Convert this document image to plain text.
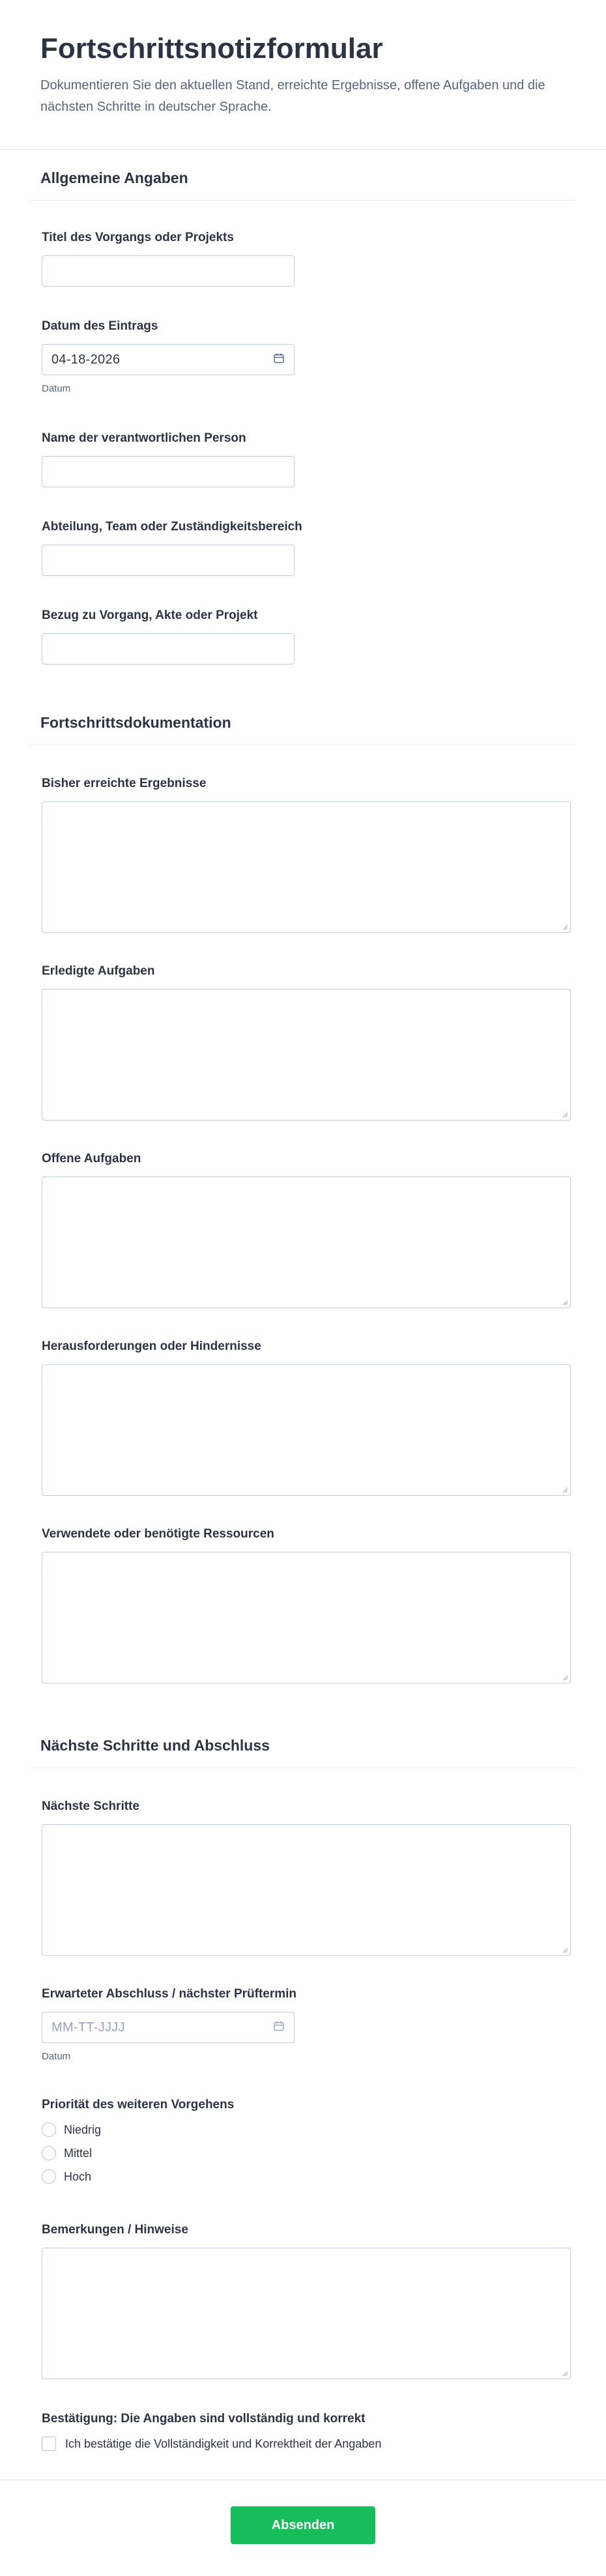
Fortschrittsnotizformular

Dokumentieren Sie den aktuellen Stand, erreichte Ergebnisse, offene Aufgaben und die nächsten Schritte in deutscher Sprache.

Allgemeine Angaben
Titel des Vorgangs oder Projekts
Datum des Eintrags
04-18-2026
Datum
Name der verantwortlichen Person
Abteilung, Team oder Zuständigkeitsbereich
Bezug zu Vorgang, Akte oder Projekt
Fortschrittsdokumentation
Bisher erreichte Ergebnisse
Erledigte Aufgaben
Offene Aufgaben
Herausforderungen oder Hindernisse
Verwendete oder benötigte Ressourcen
Nächste Schritte und Abschluss
Nächste Schritte
Erwarteter Abschluss / nächster Prüftermin
MM-TT-JJJJ
Datum
Priorität des weiteren Vorgehens
Niedrig
Mittel
Hoch
Bemerkungen / Hinweise
Bestätigung: Die Angaben sind vollständig und korrekt
Ich bestätige die Vollständigkeit und Korrektheit der Angaben
Absenden
